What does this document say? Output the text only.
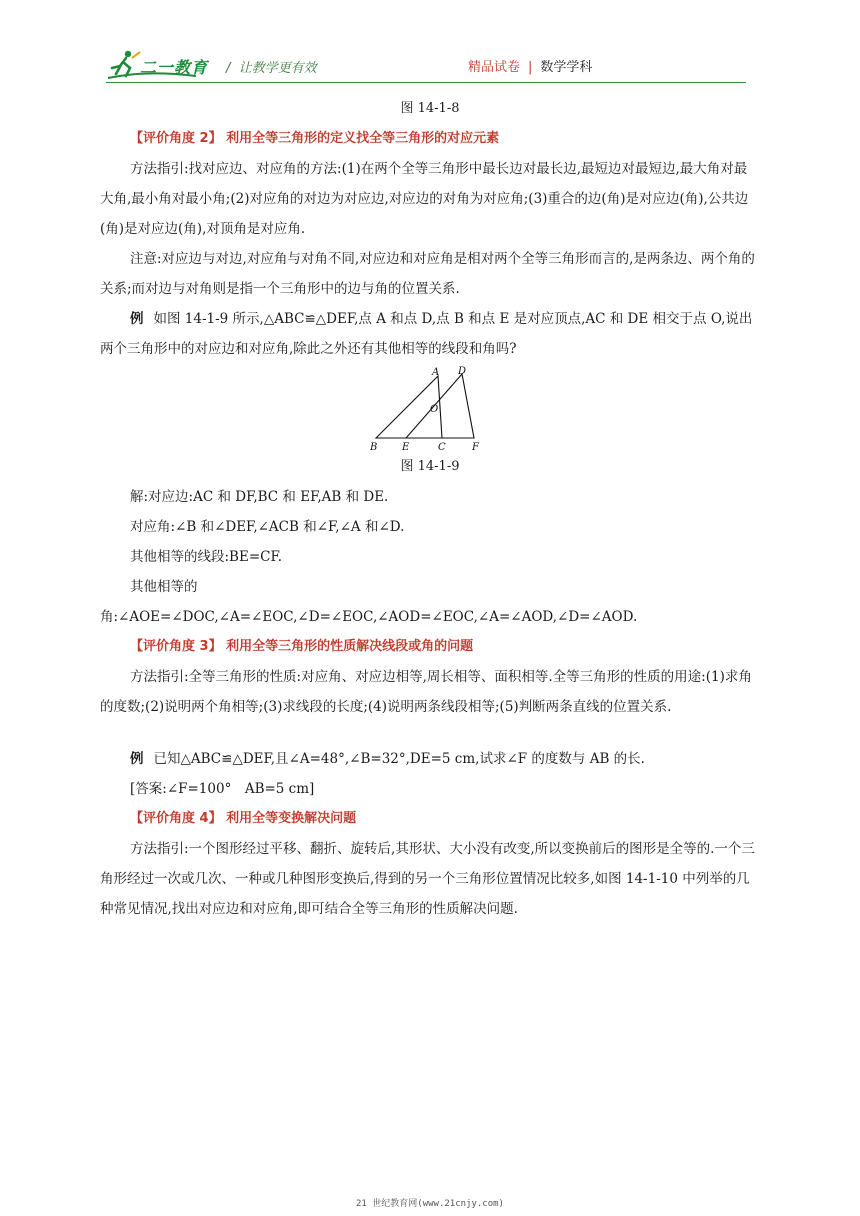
二一教育 /  让教学更有效	精品试卷 | 数学学科
图 14-1-8
【评价角度 2】 利用全等三角形的定义找全等三角形的对应元素
方法指引:找对应边、对应角的方法:(1)在两个全等三角形中最长边对最长边,最短边对最短边,最大角对最大角,最小角对最小角;(2)对应角的对边为对应边,对应边的对角为对应角;(3)重合的边(角)是对应边(角),公共边(角)是对应边(角),对顶角是对应角.
注意:对应边与对边,对应角与对角不同,对应边和对应角是相对两个全等三角形而言的,是两条边、两个角的关系;而对边与对角则是指一个三角形中的边与角的位置关系.
例 如图 14-1-9 所示,△ABC≌△DEF,点 A 和点 D,点 B 和点 E 是对应顶点,AC 和 DE 相交于点 O,说出两个三角形中的对应边和对应角,除此之外还有其他相等的线段和角吗?
B E	C	F
A D
O
图 14-1-9
解:对应边:AC 和 DF,BC 和 EF,AB 和 DE.
对应角:∠B 和∠DEF,∠ACB 和∠F,∠A 和∠D.
其他相等的线段:BE=CF.
其他相等的
角:∠AOE=∠DOC,∠A=∠EOC,∠D=∠EOC,∠AOD=∠EOC,∠A=∠AOD,∠D=∠AOD.
【评价角度 3】 利用全等三角形的性质解决线段或角的问题
方法指引:全等三角形的性质:对应角、对应边相等,周长相等、面积相等.全等三角形的性质的用途:(1)求角的度数;(2)说明两个角相等;(3)求线段的长度;(4)说明两条线段相等;(5)判断两条直线的位置关系.
例 已知△ABC≌△DEF,且∠A=48°,∠B=32°,DE=5 cm,试求∠F 的度数与 AB 的长.
[答案:∠F=100°　AB=5 cm]
【评价角度 4】 利用全等变换解决问题
方法指引:一个图形经过平移、翻折、旋转后,其形状、大小没有改变,所以变换前后的图形是全等的.一个三角形经过一次或几次、一种或几种图形变换后,得到的另一个三角形位置情况比较多,如图 14-1-10 中列举的几种常见情况,找出对应边和对应角,即可结合全等三角形的性质解决问题.
21 世纪教育网(www.21cnjy.com)
